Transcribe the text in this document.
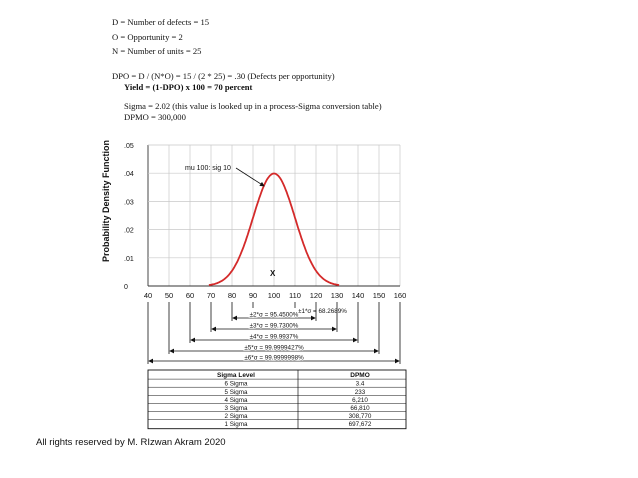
D = Number of defects = 15
O = Opportunity = 2
N = Number of units = 25
DPO = D / (N*O) = 15 / (2 * 25) = .30 (Defects per opportunity)
Yield = (1-DPO) x 100 = 70 percent
Sigma = 2.02 (this value is looked up in a process-Sigma conversion table)
DPMO = 300,000
Probability Density Function .05
.04
.03
.02
.01
0
40 50 60 70 80 90 100 110 120 130 140 150 160
mu 100: sig 10
X
±1*σ = 68.2689%
±2*σ = 95.4500%
±3*σ = 99.7300%
±4*σ = 99.9937%
±5*σ = 99.9999427%
±6*σ = 99.9999998%
Sigma Level	DPMO
6 Sigma	3.4
5 Sigma	233
4 Sigma	6,210
3 Sigma	66,810
2 Sigma	308,770
1 Sigma	697,672
All rights reserved by M. RIzwan Akram 2020
